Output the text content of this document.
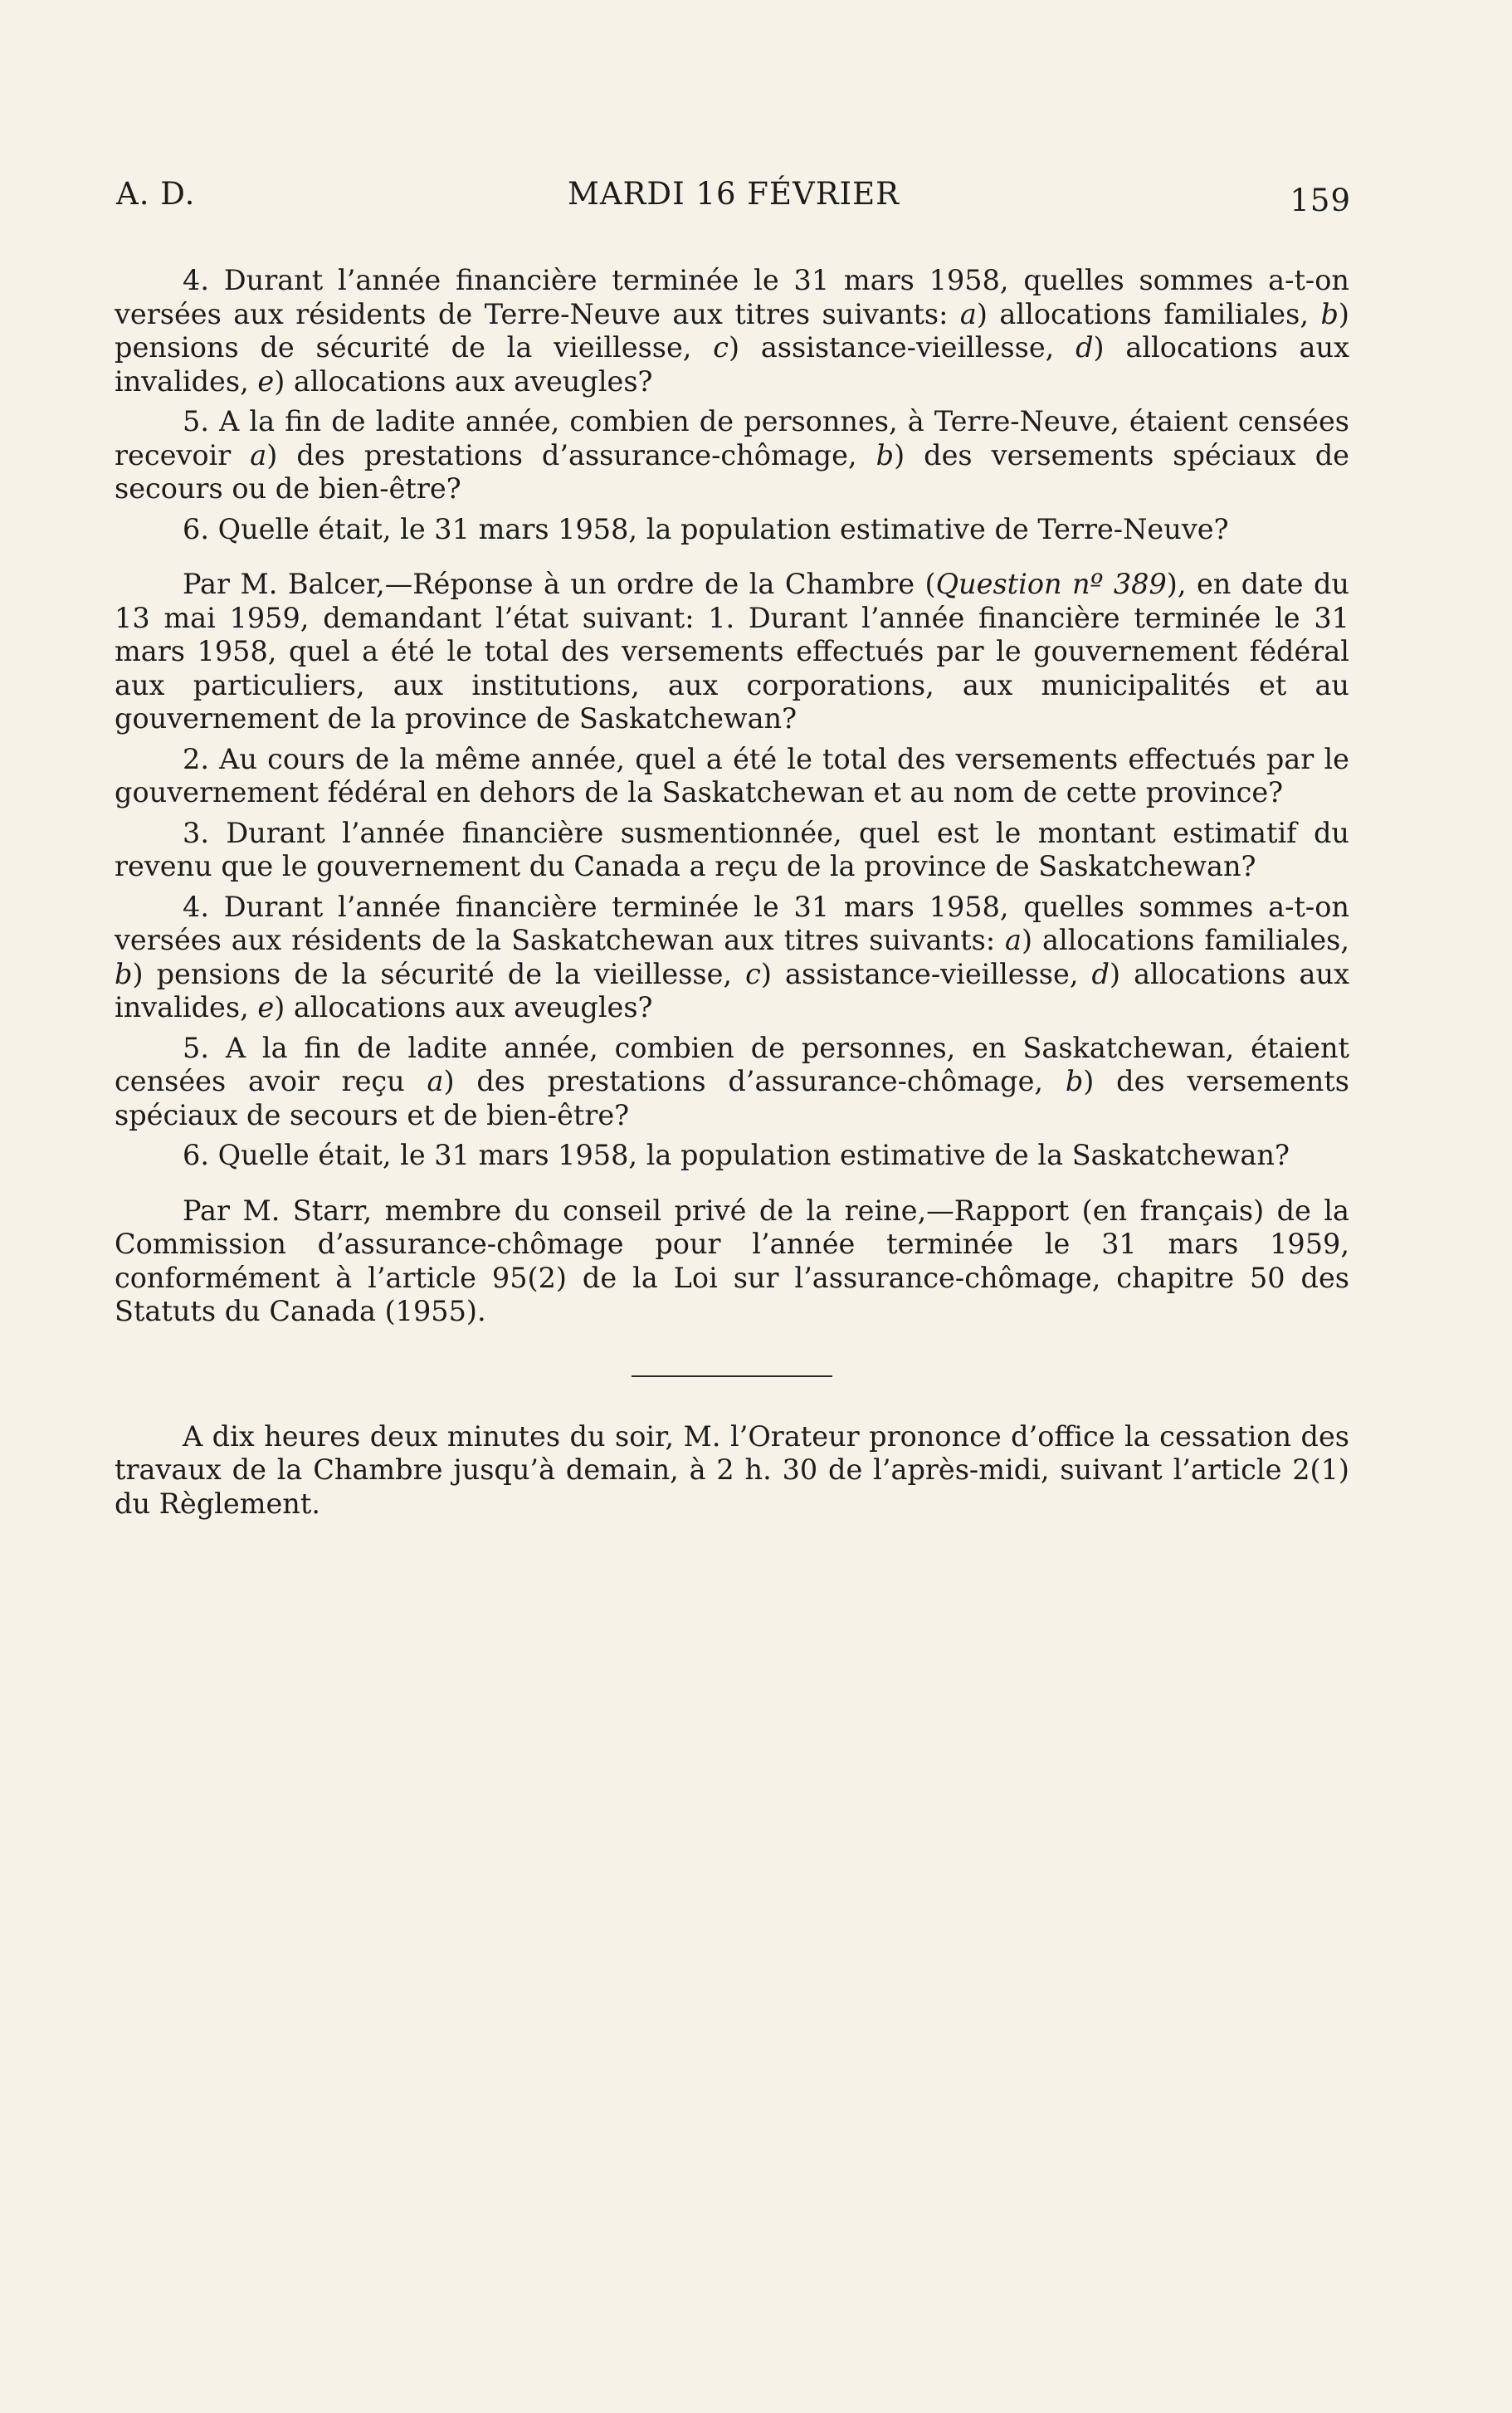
A. D.	MARDI 16 FÉVRIER	159

4. Durant l’année financière terminée le 31 mars 1958, quelles sommes a-t-on versées aux résidents de Terre-Neuve aux titres suivants: a) allocations familiales, b) pensions de sécurité de la vieillesse, c) assistance-vieillesse, d) allocations aux invalides, e) allocations aux aveugles?

5. A la fin de ladite année, combien de personnes, à Terre-Neuve, étaient censées recevoir a) des prestations d’assurance-chômage, b) des versements spéciaux de secours ou de bien-être?

6. Quelle était, le 31 mars 1958, la population estimative de Terre-Neuve?

Par M. Balcer,—Réponse à un ordre de la Chambre (Question nº 389), en date du 13 mai 1959, demandant l’état suivant: 1. Durant l’année financière terminée le 31 mars 1958, quel a été le total des versements effectués par le gouvernement fédéral aux particuliers, aux institutions, aux corporations, aux municipalités et au gouvernement de la province de Saskatchewan?

2. Au cours de la même année, quel a été le total des versements effectués par le gouvernement fédéral en dehors de la Saskatchewan et au nom de cette province?

3. Durant l’année financière susmentionnée, quel est le montant estimatif du revenu que le gouvernement du Canada a reçu de la province de Saskatchewan?

4. Durant l’année financière terminée le 31 mars 1958, quelles sommes a-t-on versées aux résidents de la Saskatchewan aux titres suivants: a) allocations familiales, b) pensions de la sécurité de la vieillesse, c) assistance-vieillesse, d) allocations aux invalides, e) allocations aux aveugles?

5. A la fin de ladite année, combien de personnes, en Saskatchewan, étaient censées avoir reçu a) des prestations d’assurance-chômage, b) des versements spéciaux de secours et de bien-être?

6. Quelle était, le 31 mars 1958, la population estimative de la Saskatchewan?

Par M. Starr, membre du conseil privé de la reine,—Rapport (en français) de la Commission d’assurance-chômage pour l’année terminée le 31 mars 1959, conformément à l’article 95(2) de la Loi sur l’assurance-chômage, chapitre 50 des Statuts du Canada (1955).

A dix heures deux minutes du soir, M. l’Orateur prononce d’office la cessation des travaux de la Chambre jusqu’à demain, à 2 h. 30 de l’après-midi, suivant l’article 2(1) du Règlement.
